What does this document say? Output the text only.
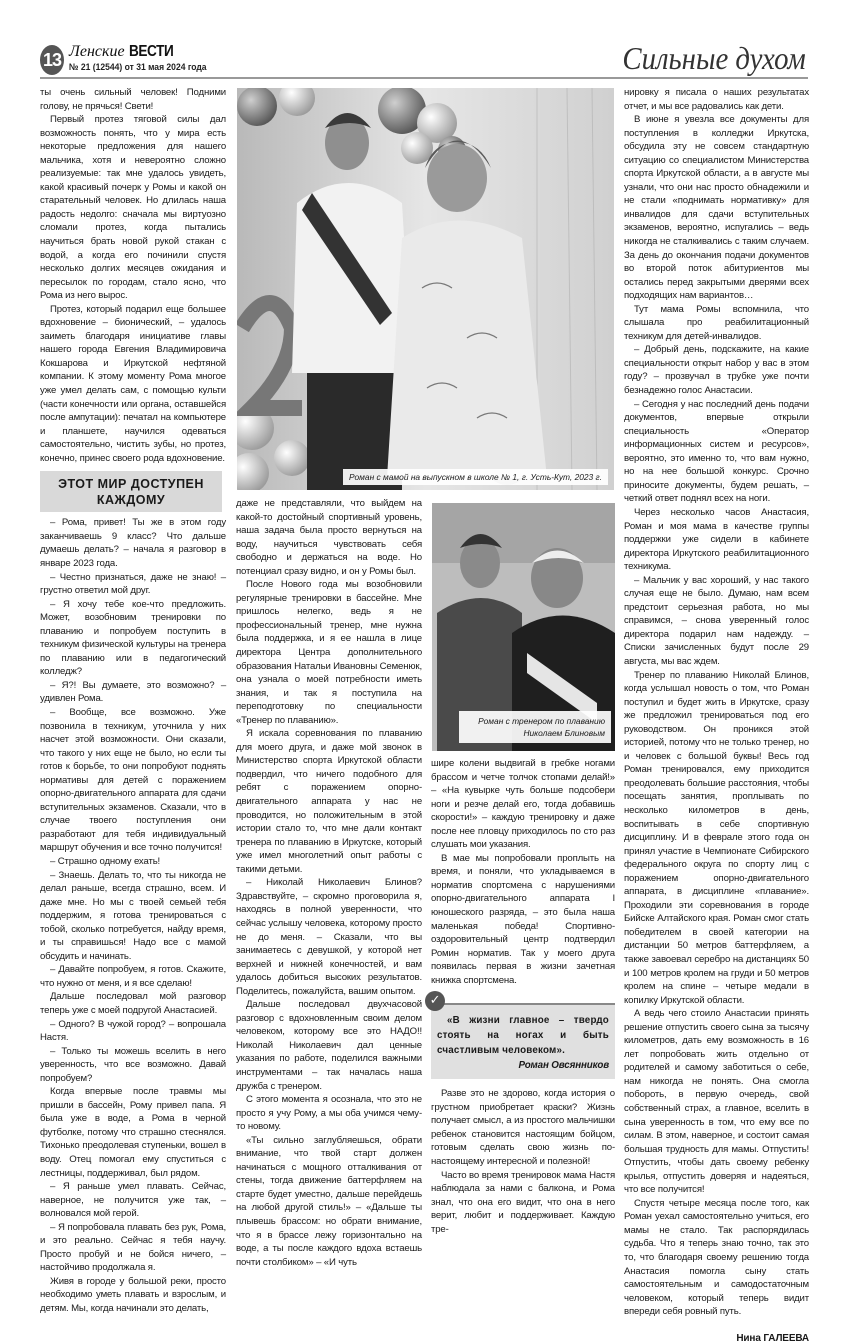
13 Ленские ВЕСТИ
№ 21 (12544) от 31 мая 2024 года	Сильные духом
Роман с мамой на выпускном в школе № 1, г. Усть-Кут, 2023 г.
Роман с тренером по плаванию Николаем Блиновым

ты очень сильный человек! Подними голову, не прячься! Свети!

Первый протез тяговой силы дал возможность понять, что у мира есть некоторые предложения для нашего мальчика, хотя и невероятно сложно реализуемые: так мне удалось увидеть, какой красивый почерк у Ромы и какой он старательный человек. Но длилась наша радость недолго: сначала мы виртуозно сломали протез, когда пытались научиться брать новой рукой стакан с водой, а когда его починили спустя несколько долгих месяцев ожидания и пересылок по городам, стало ясно, что Рома из него вырос.

Протез, который подарил еще большее вдохновение – бионический, – удалось заиметь благодаря инициативе главы нашего города Евгения Владимировича Кокшарова и Иркутской нефтяной компании. К этому моменту Рома многое уже умел делать сам, с помощью культи (части конечности или органа, оставшейся после ампутации): печатал на компьютере и планшете, научился одеваться самостоятельно, чистить зубы, но протез, конечно, принес своего рода вдохновение.

ЭТОТ МИР ДОСТУПЕН КАЖДОМУ

– Рома, привет! Ты же в этом году заканчиваешь 9 класс? Что дальше думаешь делать? – начала я разговор в январе 2023 года.

– Честно признаться, даже не знаю! – грустно ответил мой друг.

– Я хочу тебе кое-что предложить. Может, возобновим тренировки по плаванию и попробуем поступить в техникум физической культуры на тренера по плаванию или в педагогический колледж?

– Я?! Вы думаете, это возможно? – удивлен Рома.

– Вообще, все возможно. Уже позвонила в техникум, уточнила у них насчет этой возможности. Они сказали, что такого у них еще не было, но если ты готов к борьбе, то они попробуют поднять нормативы для детей с поражением опорно-двигательного аппарата для сдачи вступительных экзаменов. Сказали, что в случае твоего поступления они разработают для тебя индивидуальный маршрут обучения и все точно получится!

– Страшно одному ехать!

– Знаешь. Делать то, что ты никогда не делал раньше, всегда страшно, всем. И даже мне. Но мы с твоей семьей тебя поддержим, я готова тренироваться с тобой, сколько потребуется, найду время, и ты справишься! Надо все с мамой обсудить и начинать.

– Давайте попробуем, я готов. Скажите, что нужно от меня, и я все сделаю!

Дальше последовал мой разговор теперь уже с моей подругой Анастасией.

– Одного? В чужой город? – вопрошала Настя.

– Только ты можешь вселить в него уверенность, что все возможно. Давай попробуем?

Когда впервые после травмы мы пришли в бассейн, Рому привел папа. Я была уже в воде, а Рома в черной футболке, потому что страшно стеснялся. Тихонько преодолевая ступеньки, вошел в воду. Отец помогал ему спуститься с лестницы, поддерживал, был рядом.

– Я раньше умел плавать. Сейчас, наверное, не получится уже так, – волновался мой герой.

– Я попробовала плавать без рук, Рома, и это реально. Сейчас я тебя научу. Просто пробуй и не бойся ничего, – настойчиво продолжала я.

Живя в городе у большой реки, просто необходимо уметь плавать и взрослым, и детям. Мы, когда начинали это делать,

даже не представляли, что выйдем на какой-то достойный спортивный уровень, наша задача была просто вернуться на воду, научиться чувствовать себя свободно и держаться на воде. Но потенциал сразу видно, и он у Ромы был.

После Нового года мы возобновили регулярные тренировки в бассейне. Мне пришлось нелегко, ведь я не профессиональный тренер, мне нужна была поддержка, и я ее нашла в лице директора Центра дополнительного образования Натальи Ивановны Семенюк, она узнала о моей потребности иметь знания, и так я поступила на переподготовку по специальности «Тренер по плаванию».

Я искала соревнования по плаванию для моего друга, и даже мой звонок в Министерство спорта Иркутской области подвердил, что ничего подобного для ребят с поражением опорно-двигательного аппарата у нас не проводится, но положительным в этой истории стало то, что мне дали контакт тренера по плаванию в Иркутске, который уже имел многолетний опыт работы с такими детьми.

– Николай Николаевич Блинов? Здравствуйте, – скромно проговорила я, находясь в полной уверенности, что сейчас услышу человека, которому просто не до меня. – Сказали, что вы занимаетесь с девушкой, у которой нет верхней и нижней конечностей, и вам удалось добиться высоких результатов. Поделитесь, пожалуйста, вашим опытом.

Дальше последовал двухчасовой разговор с вдохновленным своим делом человеком, которому все это НАДО!! Николай Николаевич дал ценные указания по работе, поделился важными инструментами – так началась наша дружба с тренером.

С этого момента я осознала, что это не просто я учу Рому, а мы оба учимся чему-то новому.

«Ты сильно заглубляешься, обрати внимание, что твой старт должен начинаться с мощного отталкивания от стены, тогда движение баттерфляем на старте будет уместно, дальше перейдешь на любой другой стиль!» – «Дальше ты плывешь брассом: но обрати внимание, что я в брассе лежу горизонтально на воде, а ты после каждого вдоха встаешь почти столбиком» – «И чуть

шире колени выдвигай в гребке ногами брассом и четче толчок стопами делай!» – «На кувырке чуть больше подсобери ноги и резче делай его, тогда добавишь скорости!» – каждую тренировку и даже после нее пловцу приходилось по сто раз слушать мои указания.

В мае мы попробовали проплыть на время, и поняли, что укладываемся в норматив спортсмена с нарушениями опорно-двигательного аппарата I юношеского разряда, – это была наша маленькая победа! Спортивно-оздоровительный центр подтвердил Ромин норматив. Так у моего друга появилась первая в жизни зачетная книжка спортсмена.

✓
«В жизни главное – твердо стоять на ногах и быть счастливым человеком».
Роман Овсянников

Разве это не здорово, когда история о грустном приобретает краски? Жизнь получает смысл, а из простого мальчишки ребенок становится настоящим бойцом, готовым сделать свою жизнь по-настоящему интересной и полезной!

Часто во время тренировок мама Настя наблюдала за нами с балкона, и Рома знал, что она его видит, что она в него верит, любит и поддерживает. Каждую тре-

нировку я писала о наших результатах отчет, и мы все радовались как дети.

В июне я увезла все документы для поступления в колледжи Иркутска, обсудила эту не совсем стандартную ситуацию со специалистом Министерства спорта Иркутской области, а в августе мы узнали, что они нас просто обнадежили и не стали «поднимать нормативку» для инвалидов для сдачи вступительных экзаменов, вероятно, испугались – ведь никогда не сталкивались с таким случаем. За день до окончания подачи документов во второй поток абитуриентов мы остались перед закрытыми дверями всех подходящих нам вариантов…

Тут мама Ромы вспомнила, что слышала про реабилитационный техникум для детей-инвалидов.

– Добрый день, подскажите, на какие специальности открыт набор у вас в этом году? – прозвучал в трубке уже почти безнадежно голос Анастасии.

– Сегодня у нас последний день подачи документов, впервые открыли специальность «Оператор информационных систем и ресурсов», вероятно, это именно то, что вам нужно, но на нее большой конкурс. Срочно приносите документы, будем решать, – четкий ответ поднял всех на ноги.

Через несколько часов Анастасия, Роман и моя мама в качестве группы поддержки уже сидели в кабинете директора Иркутского реабилитационного техникума.

– Мальчик у вас хороший, у нас такого случая еще не было. Думаю, нам всем предстоит серьезная работа, но мы справимся, – снова уверенный голос директора подарил нам надежду. – Списки зачисленных будут после 29 августа, мы вас ждем.

Тренер по плаванию Николай Блинов, когда услышал новость о том, что Роман поступил и будет жить в Иркутске, сразу же предложил тренироваться под его руководством. Он проникся этой историей, потому что не только тренер, но и человек с большой буквы! Весь год Роман тренировался, ему приходится преодолевать большие расстояния, чтобы посещать занятия, проплывать по несколько километров в день, воспитывать в себе спортивную дисциплину. И в феврале этого года он принял участие в Чемпионате Сибирского федерального округа по спорту лиц с поражением опорно-двигательного аппарата, в дисциплине «плавание». Проходили эти соревнования в городе Бийске Алтайского края. Роман смог стать победителем в своей категории на дистанции 50 метров баттерфляем, а также завоевал серебро на дистанциях 50 и 100 метров кролем на груди и 50 метров кролем на спине – четыре медали в копилку Иркутской области.

А ведь чего стоило Анастасии принять решение отпустить своего сына за тысячу километров, дать ему возможность в 16 лет попробовать жить отдельно от родителей и самому заботиться о себе, нам никогда не понять. Она смогла побороть, в первую очередь, свой собственный страх, а главное, вселить в сына уверенность в том, что ему все по силам. В этом, наверное, и состоит самая большая трудность для мамы. Отпустить! Отпустить, чтобы дать своему ребенку крылья, отпустить доверяя и надеяться, что все получится!

Спустя четыре месяца после того, как Роман уехал самостоятельно учиться, его мамы не стало. Так распорядилась судьба. Что я теперь знаю точно, так это то, что благодаря своему решению тогда Анастасия помогла сыну стать самостоятельным и самодостаточным человеком, который теперь видит впереди себя ровный путь.

Нина ГАЛЕЕВА
